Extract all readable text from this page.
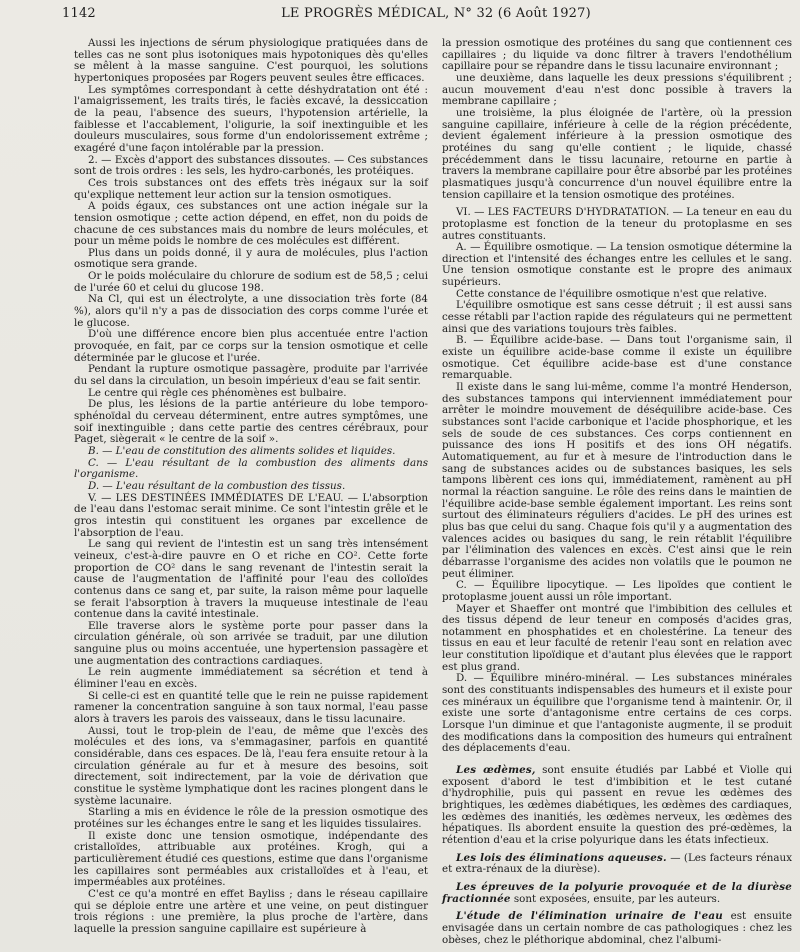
1142	LE PROGRÈS MÉDICAL, N° 32 (6 Août 1927)

Aussi les injections de sérum physiologique pratiquées dans de telles cas ne sont plus isotoniques mais hypotoniques dès qu'elles se mêlent à la masse sanguine. C'est pourquoi, les solutions hypertoniques proposées par Rogers peuvent seules être efficaces.

Les symptômes correspondant à cette déshydratation ont été : l'amaigrissement, les traits tirés, le faciès excavé, la dessiccation de la peau, l'absence des sueurs, l'hypotension artérielle, la faiblesse et l'accablement, l'oligurie, la soif inextinguible et les douleurs musculaires, sous forme d'un endolorissement extrême ; exagéré d'une façon intolérable par la pression.

2. — Excès d'apport des substances dissoutes. — Ces substances sont de trois ordres : les sels, les hydro-carbonés, les protéiques.

Ces trois substances ont des effets très inégaux sur la soif qu'explique nettement leur action sur la tension osmotiques.

A poids égaux, ces substances ont une action inégale sur la tension osmotique ; cette action dépend, en effet, non du poids de chacune de ces substances mais du nombre de leurs molécules, et pour un même poids le nombre de ces molécules est différent.

Plus dans un poids donné, il y aura de molécules, plus l'action osmotique sera grande.

Or le poids moléculaire du chlorure de sodium est de 58,5 ; celui de l'urée 60 et celui du glucose 198.

Na Cl, qui est un électrolyte, a une dissociation très forte (84 %), alors qu'il n'y a pas de dissociation des corps comme l'urée et le glucose.

D'où une différence encore bien plus accentuée entre l'action provoquée, en fait, par ce corps sur la tension osmotique et celle déterminée par le glucose et l'urée.

Pendant la rupture osmotique passagère, produite par l'arrivée du sel dans la circulation, un besoin impérieux d'eau se fait sentir.

Le centre qui règle ces phénomènes est bulbaire.

De plus, les lésions de la partie antérieure du lobe temporo-sphénoïdal du cerveau déterminent, entre autres symptômes, une soif inextinguible ; dans cette partie des centres cérébraux, pour Paget, siègerait « le centre de la soif ».

B. — L'eau de constitution des aliments solides et liquides.

C. — L'eau résultant de la combustion des aliments dans l'organisme.

D. — L'eau résultant de la combustion des tissus.

V. — LES DESTINÉES IMMÉDIATES DE L'EAU. — L'absorption de l'eau dans l'estomac serait minime. Ce sont l'intestin grêle et le gros intestin qui constituent les organes par excellence de l'absorption de l'eau.

Le sang qui revient de l'intestin est un sang très intensément veineux, c'est-à-dire pauvre en O et riche en CO². Cette forte proportion de CO² dans le sang revenant de l'intestin serait la cause de l'augmentation de l'affinité pour l'eau des colloïdes contenus dans ce sang et, par suite, la raison même pour laquelle se ferait l'absorption à travers la muqueuse intestinale de l'eau contenue dans la cavité intestinale.

Elle traverse alors le système porte pour passer dans la circulation générale, où son arrivée se traduit, par une dilution sanguine plus ou moins accentuée, une hypertension passagère et une augmentation des contractions cardiaques.

Le rein augmente immédiatement sa sécrétion et tend à éliminer l'eau en excès.

Si celle-ci est en quantité telle que le rein ne puisse rapidement ramener la concentration sanguine à son taux normal, l'eau passe alors à travers les parois des vaisseaux, dans le tissu lacunaire.

Aussi, tout le trop-plein de l'eau, de même que l'excès des molécules et des ions, va s'emmagasiner, parfois en quantité considérable, dans ces espaces. De là, l'eau fera ensuite retour à la circulation générale au fur et à mesure des besoins, soit directement, soit indirectement, par la voie de dérivation que constitue le système lymphatique dont les racines plongent dans le système lacunaire.

Starling a mis en évidence le rôle de la pression osmotique des protéines sur les échanges entre le sang et les liquides tissulaires.

Il existe donc une tension osmotique, indépendante des cristalloïdes, attribuable aux protéines. Krogh, qui a particulièrement étudié ces questions, estime que dans l'organisme les capillaires sont perméables aux cristalloïdes et à l'eau, et imperméables aux protéines.

C'est ce qu'a montré en effet Bayliss ; dans le réseau capillaire qui se déploie entre une artère et une veine, on peut distinguer trois régions : une première, la plus proche de l'artère, dans laquelle la pression sanguine capillaire est supérieure à

la pression osmotique des protéines du sang que contiennent ces capillaires ; du liquide va donc filtrer à travers l'endothélium capillaire pour se répandre dans le tissu lacunaire environnant ;

une deuxième, dans laquelle les deux pressions s'équilibrent ; aucun mouvement d'eau n'est donc possible à travers la membrane capillaire ;

une troisième, la plus éloignée de l'artère, où la pression sanguine capillaire, inférieure à celle de la région précédente, devient également inférieure à la pression osmotique des protéines du sang qu'elle contient ; le liquide, chassé précédemment dans le tissu lacunaire, retourne en partie à travers la membrane capillaire pour être absorbé par les protéines plasmatiques jusqu'à concurrence d'un nouvel équilibre entre la tension capillaire et la tension osmotique des protéines.

VI. — LES FACTEURS D'HYDRATATION. — La teneur en eau du protoplasme est fonction de la teneur du protoplasme en ses autres constituants.

A. — Équilibre osmotique. — La tension osmotique détermine la direction et l'intensité des échanges entre les cellules et le sang. Une tension osmotique constante est le propre des animaux supérieurs.

Cette constance de l'équilibre osmotique n'est que relative.

L'équilibre osmotique est sans cesse détruit ; il est aussi sans cesse rétabli par l'action rapide des régulateurs qui ne permettent ainsi que des variations toujours très faibles.

B. — Équilibre acide-base. — Dans tout l'organisme sain, il existe un équilibre acide-base comme il existe un équilibre osmotique. Cet équilibre acide-base est d'une constance remarquable.

Il existe dans le sang lui-même, comme l'a montré Henderson, des substances tampons qui interviennent immédiatement pour arrêter le moindre mouvement de déséquilibre acide-base. Ces substances sont l'acide carbonique et l'acide phosphorique, et les sels de soude de ces substances. Ces corps contiennent en puissance des ions H positifs et des ions OH négatifs. Automatiquement, au fur et à mesure de l'introduction dans le sang de substances acides ou de substances basiques, les sels tampons libèrent ces ions qui, immédiatement, ramènent au pH normal la réaction sanguine. Le rôle des reins dans le maintien de l'équilibre acide-base semble également important. Les reins sont surtout des éliminateurs réguliers d'acides. Le pH des urines est plus bas que celui du sang. Chaque fois qu'il y a augmentation des valences acides ou basiques du sang, le rein rétablit l'équilibre par l'élimination des valences en excès. C'est ainsi que le rein débarrasse l'organisme des acides non volatils que le poumon ne peut éliminer.

C. — Équilibre lipocytique. — Les lipoïdes que contient le protoplasme jouent aussi un rôle important.

Mayer et Shaeffer ont montré que l'imbibition des cellules et des tissus dépend de leur teneur en composés d'acides gras, notamment en phosphatides et en cholestérine. La teneur des tissus en eau et leur faculté de retenir l'eau sont en relation avec leur constitution lipoïdique et d'autant plus élevées que le rapport est plus grand.

D. — Équilibre minéro-minéral. — Les substances minérales sont des constituants indispensables des humeurs et il existe pour ces minéraux un équilibre que l'organisme tend à maintenir. Or, il existe une sorte d'antagonisme entre certains de ces corps. Lorsque l'un diminue et que l'antagoniste augmente, il se produit des modifications dans la composition des humeurs qui entraînent des déplacements d'eau.

Les œdèmes, sont ensuite étudiés par Labbé et Violle qui exposent d'abord le test d'imbibition et le test cutané d'hydrophilie, puis qui passent en revue les œdèmes des brightiques, les œdèmes diabétiques, les œdèmes des cardiaques, les œdèmes des inanitiés, les œdèmes nerveux, les œdèmes des hépatiques. Ils abordent ensuite la question des pré-œdèmes, la rétention d'eau et la crise polyurique dans les états infectieux.

Les lois des éliminations aqueuses. — (Les facteurs rénaux et extra-rénaux de la diurèse).

Les épreuves de la polyurie provoquée et de la diurèse fractionnée sont exposées, ensuite, par les auteurs.

L'étude de l'élimination urinaire de l'eau est ensuite envisagée dans un certain nombre de cas pathologiques : chez les obèses, chez le pléthorique abdominal, chez l'albumi-
